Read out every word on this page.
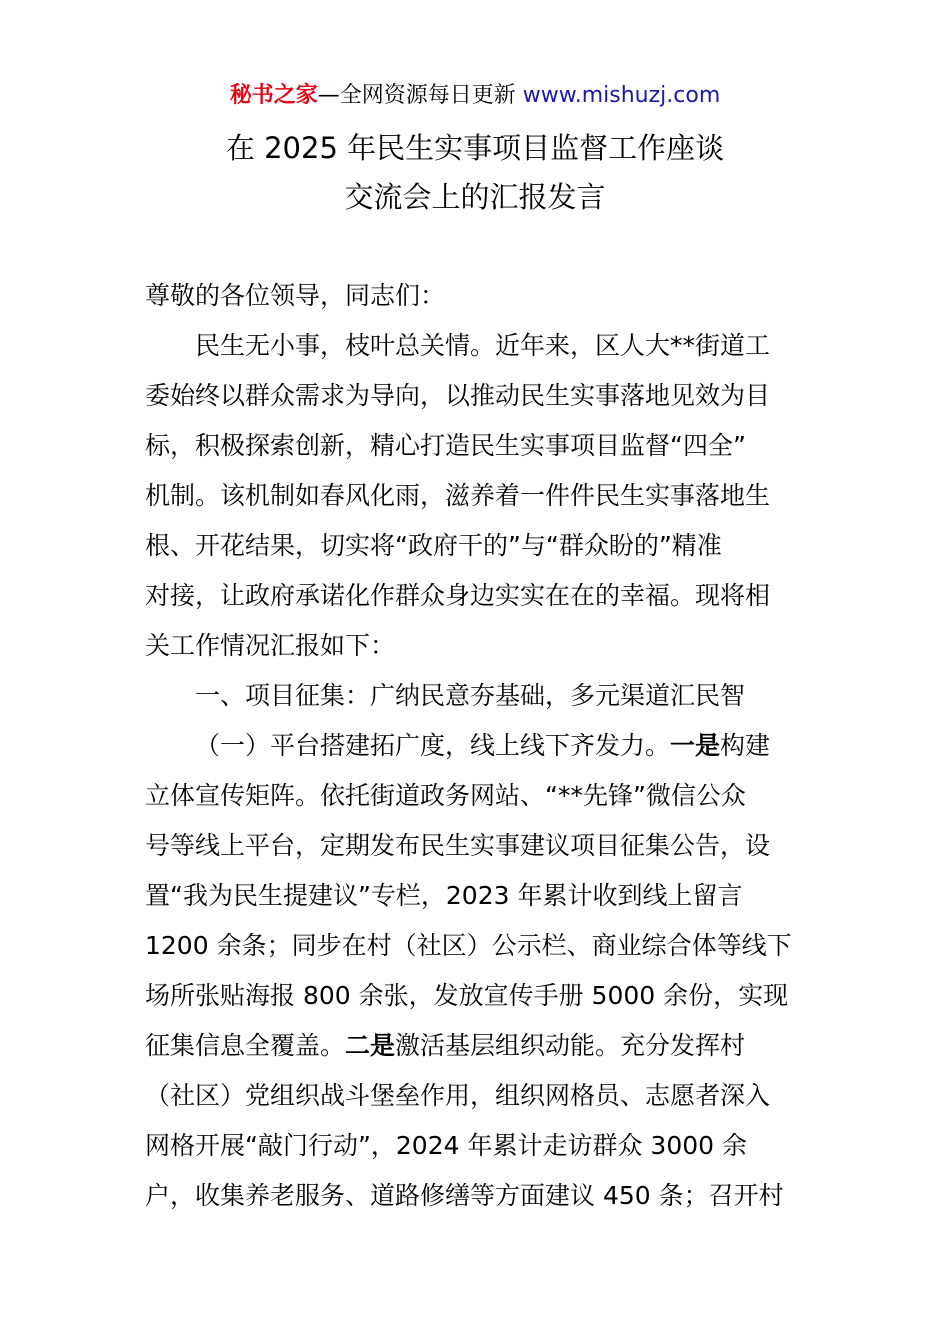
秘书之家—全网资源每日更新 www.mishuzj.com
在 2025 年民生实事项目监督工作座谈
交流会上的汇报发言
尊敬的各位领导，同志们：
民生无小事，枝叶总关情。近年来，区人大**街道工
委始终以群众需求为导向，以推动民生实事落地见效为目
标，积极探索创新，精心打造民生实事项目监督“四全”
机制。该机制如春风化雨，滋养着一件件民生实事落地生
根、开花结果，切实将“政府干的”与“群众盼的”精准
对接，让政府承诺化作群众身边实实在在的幸福。现将相
关工作情况汇报如下：
一、项目征集：广纳民意夯基础，多元渠道汇民智
（一）平台搭建拓广度，线上线下齐发力。一是构建
立体宣传矩阵。依托街道政务网站、“**先锋”微信公众
号等线上平台，定期发布民生实事建议项目征集公告，设
置“我为民生提建议”专栏，2023 年累计收到线上留言
1200 余条；同步在村（社区）公示栏、商业综合体等线下
场所张贴海报 800 余张，发放宣传手册 5000 余份，实现
征集信息全覆盖。二是激活基层组织动能。充分发挥村
（社区）党组织战斗堡垒作用，组织网格员、志愿者深入
网格开展“敲门行动”，2024 年累计走访群众 3000 余
户，收集养老服务、道路修缮等方面建议 450 条；召开村
